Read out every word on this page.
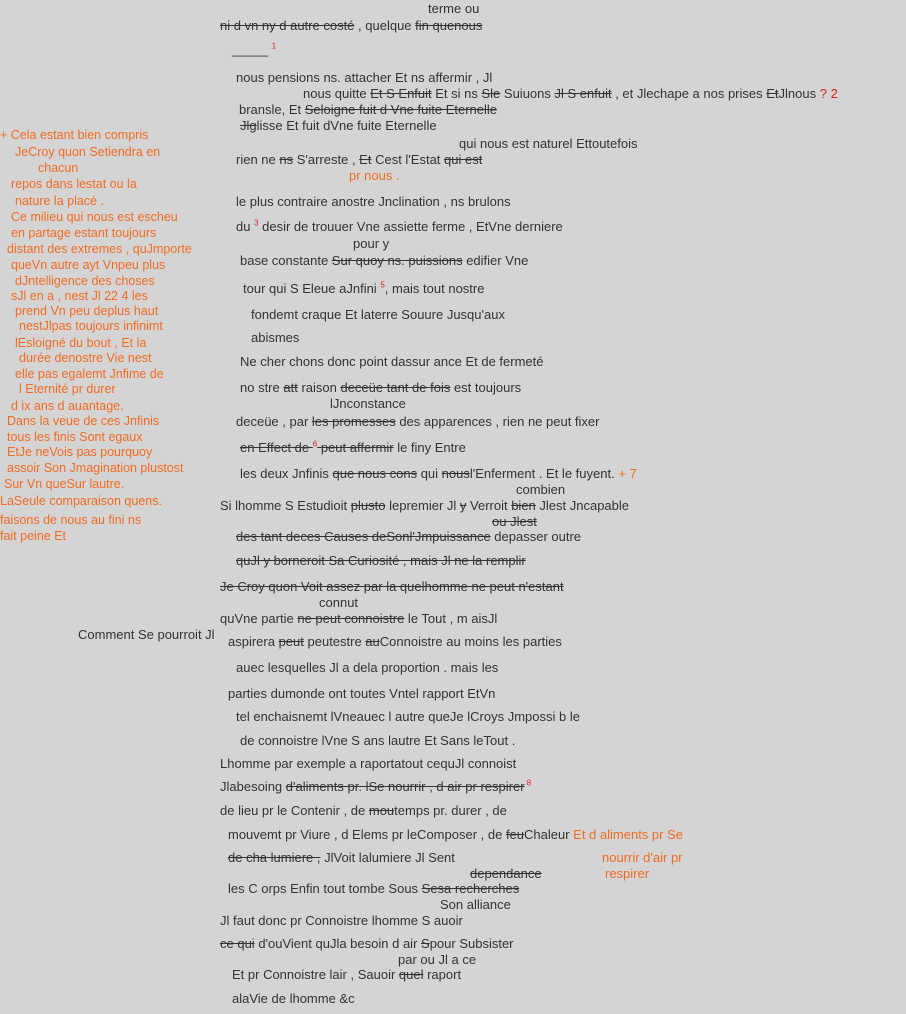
+ Cela estant bien compris
JeCroy quon Setiendra en
chacun
repos dans lestat ou la
nature la placé .
Ce milieu qui nous est escheu
en partage estant toujours
distant des extremes , quJmporte
queVn autre ayt Vnpeu plus
dJntelligence des choses
sJl en a , nest Jl 22 4 les
prend Vn peu deplus haut
nestJlpas toujours infinimt
lEsloigné du bout , Et la
durée denostre Vie nest
elle pas egalemt Jnfime de
l Eternité pr durer
d ix ans d auantage.
Dans la veue de ces Jnfinis
tous les finis Sont egaux
EtJe neVois pas pourquoy
assoir Son Jmagination plustost
Sur Vn queSur lautre.
LaSeule comparaison quens.
faisons de nous au fini ns
fait peine Et
Comment Se pourroit Jl
terme ou
ni d vn ny d autre costé , quelque fin quenous
_____ $^1$
nous pensions ns. attacher Et ns affermir , Jl
nous quitte Et S Enfuit Et si ns Sle Suiuons Jl S enfuit , et Jlechape a nos prises EtJlnous ? 2
bransle, Et Seloigne fuit d Vne fuite Eternelle
Jlglisse Et fuit dVne fuite Eternelle
qui nous est naturel Ettoutefois
rien ne ns S'arreste , Et Cest l'Estat qui est
pr nous .
le plus contraire anostre Jnclination , ns brulons
du $^3$ desir de trouuer Vne assiette ferme , EtVne derniere
pour y
base constante Sur quoy ns. puissions edifier Vne
tour qui S Eleue aJnfini $^5$, mais tout nostre
fondemt craque Et laterre Souure Jusqu'aux
abismes
Ne cher chons donc point dassur ance Et de fermeté
no stre att raison deceüe tant de fois est toujours
lJnconstance
deceüe , par les promesses des apparences , rien ne peut fixer
en Effect de $^6$ peut affermir le finy Entre
les deux Jnfinis que nous cons qui nousl'Enferment . Et le fuyent. + 7
combien
Si lhomme S Estudioit plusto lepremier Jl y Verroit bien Jlest Jncapable
ou Jlest
des tant deces Causes deSonl'Jmpuissance depasser outre
quJl y borneroit Sa Curiosité , mais Jl ne la remplir
Je Croy quon Voit assez par la quelhomme ne peut n'estant
connut
quVne partie ne peut connoistre le Tout , m aisJl
aspirera peut peutestre auConnoistre au moins les parties
auec lesquelles Jl a dela proportion . mais les
parties dumonde ont toutes Vntel rapport EtVn
tel enchaisnemt lVneauec l autre queJe lCroys Jmpossi b le
de connoistre lVne S ans lautre Et Sans leTout .
Lhomme par exemple a raportatout cequJl connoist
Jlabesoing d'aliments pr. lSe nourrir , d air pr respirer $^8$
de lieu pr le Contenir , de moutemps pr. durer , de
mouvemt pr Viure , d Elems pr leComposer , de feuChaleur Et d aliments pr Se
de cha lumiere , JlVoit lalumiere Jl Sent	nourrir d'air pr
dependance	respirer
les C orps Enfin tout tombe Sous Sesa recherches
Son alliance
Jl faut donc pr Connoistre lhomme S auoir
ce qui d'ouVient quJla besoin d air Spour Subsister
par ou Jl a ce
Et pr Connoistre lair , Sauoir quel raport
alaVie de lhomme &c
